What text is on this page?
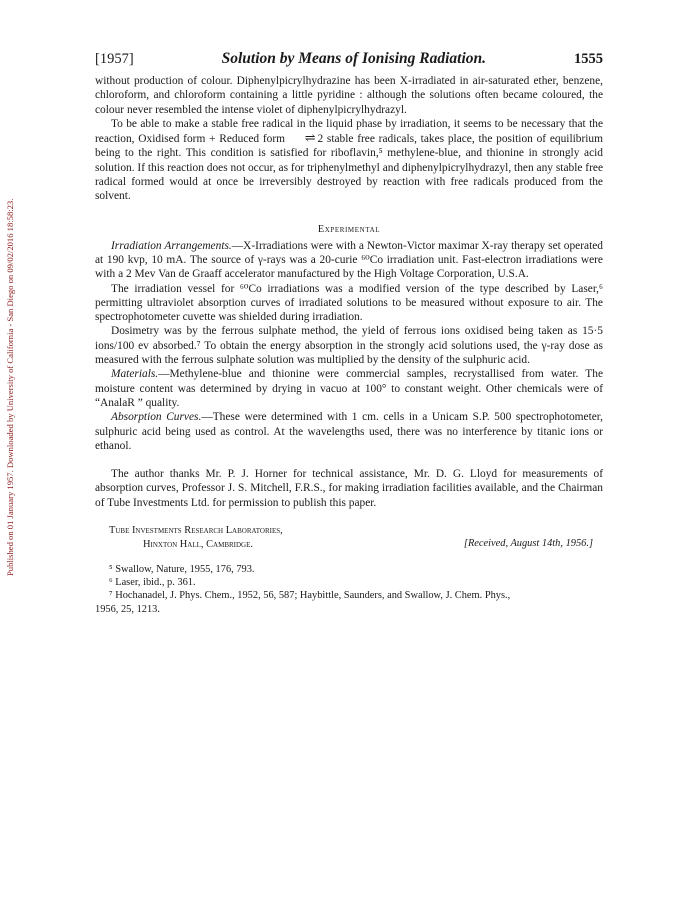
Published on 01 January 1957. Downloaded by University of California - San Diego on 09/02/2016 18:58:23.
[1957]	Solution by Means of Ionising Radiation.	1555

without production of colour. Diphenylpicrylhydrazine has been X-irradiated in air-saturated ether, benzene, chloroform, and chloroform containing a little pyridine : although the solutions often became coloured, the colour never resembled the intense violet of diphenylpicrylhydrazyl.

To be able to make a stable free radical in the liquid phase by irradiation, it seems to be necessary that the reaction, Oxidised form + Reduced form ⇌ 2 stable free radicals, takes place, the position of equilibrium being to the right. This condition is satisfied for riboflavin,⁵ methylene-blue, and thionine in strongly acid solution. If this reaction does not occur, as for triphenylmethyl and diphenylpicrylhydrazyl, then any stable free radical formed would at once be irreversibly destroyed by reaction with free radicals produced from the solvent.

Experimental

Irradiation Arrangements.—X-Irradiations were with a Newton-Victor maximar X-ray therapy set operated at 190 kvp, 10 mA. The source of γ-rays was a 20-curie ⁶⁰Co irradiation unit. Fast-electron irradiations were with a 2 Mev Van de Graaff accelerator manufactured by the High Voltage Corporation, U.S.A.

The irradiation vessel for ⁶⁰Co irradiations was a modified version of the type described by Laser,⁶ permitting ultraviolet absorption curves of irradiated solutions to be measured without exposure to air. The spectrophotometer cuvette was shielded during irradiation.

Dosimetry was by the ferrous sulphate method, the yield of ferrous ions oxidised being taken as 15·5 ions/100 ev absorbed.⁷ To obtain the energy absorption in the strongly acid solutions used, the γ-ray dose as measured with the ferrous sulphate solution was multiplied by the density of the sulphuric acid.

Materials.—Methylene-blue and thionine were commercial samples, recrystallised from water. The moisture content was determined by drying in vacuo at 100° to constant weight. Other chemicals were of “AnalaR ” quality.

Absorption Curves.—These were determined with 1 cm. cells in a Unicam S.P. 500 spectrophotometer, sulphuric acid being used as control. At the wavelengths used, there was no interference by titanic ions or ethanol.

The author thanks Mr. P. J. Horner for technical assistance, Mr. D. G. Lloyd for measurements of absorption curves, Professor J. S. Mitchell, F.R.S., for making irradiation facilities available, and the Chairman of Tube Investments Ltd. for permission to publish this paper.

Tube Investments Research Laboratories,
Hinxton Hall, Cambridge.	[Received, August 14th, 1956.]
⁵ Swallow, Nature, 1955, 176, 793.
⁶ Laser, ibid., p. 361.
⁷ Hochanadel, J. Phys. Chem., 1952, 56, 587; Haybittle, Saunders, and Swallow, J. Chem. Phys.,
1956, 25, 1213.
